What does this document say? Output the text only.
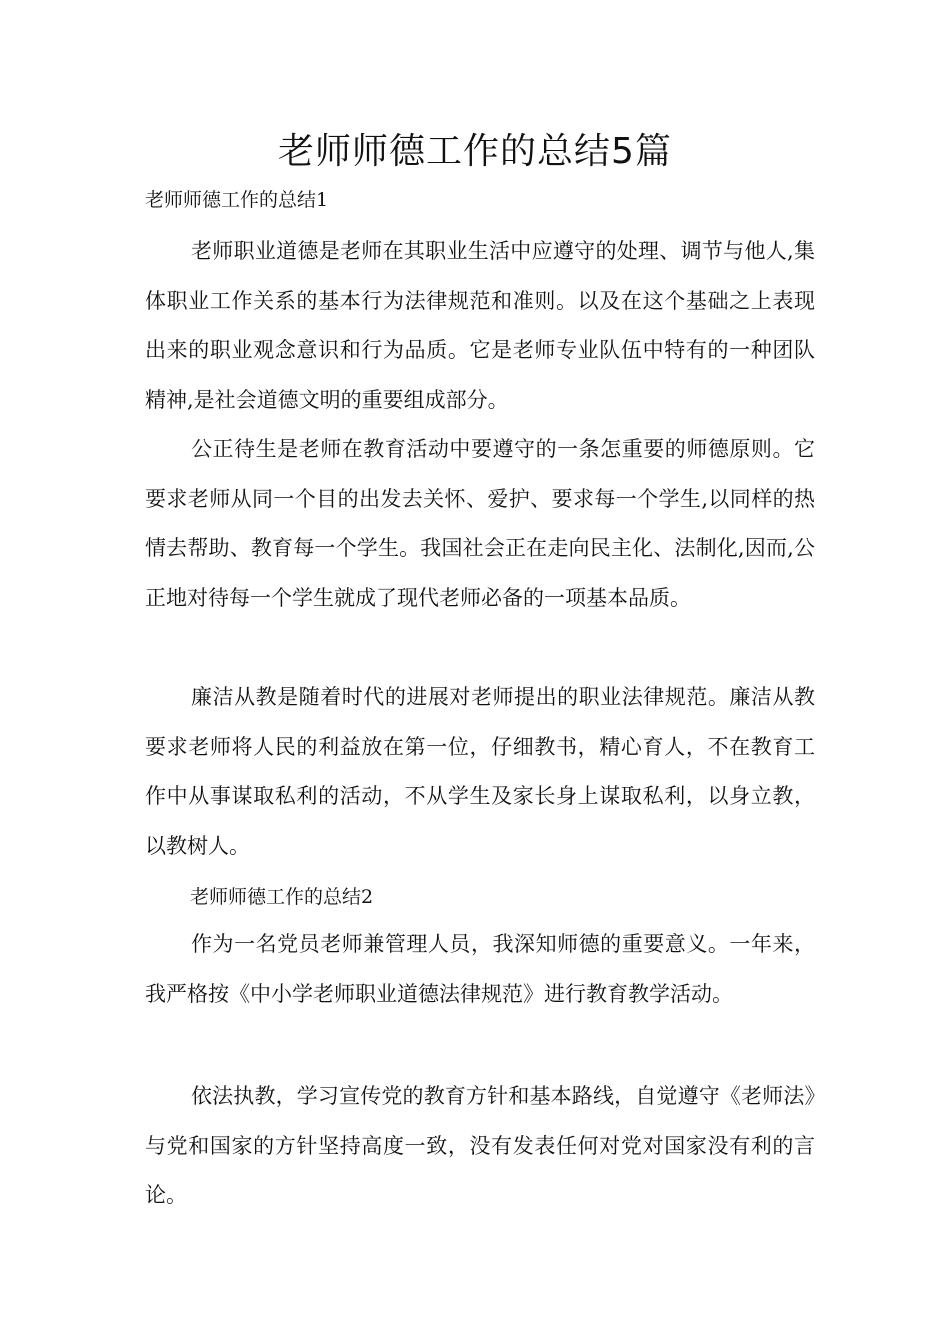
老师师德工作的总结5篇
老师师德工作的总结1

老师职业道德是老师在其职业生活中应遵守的处理、调节与他人,集体职业工作关系的基本行为法律规范和准则。以及在这个基础之上表现出来的职业观念意识和行为品质。它是老师专业队伍中特有的一种团队精神,是社会道德文明的重要组成部分。

公正待生是老师在教育活动中要遵守的一条怎重要的师德原则。它要求老师从同一个目的出发去关怀、爱护、要求每一个学生,以同样的热情去帮助、教育每一个学生。我国社会正在走向民主化、法制化,因而,公正地对待每一个学生就成了现代老师必备的一项基本品质。

廉洁从教是随着时代的进展对老师提出的职业法律规范。廉洁从教要求老师将人民的利益放在第一位，仔细教书，精心育人，不在教育工作中从事谋取私利的活动，不从学生及家长身上谋取私利，以身立教，以教树人。

老师师德工作的总结2

作为一名党员老师兼管理人员，我深知师德的重要意义。一年来，我严格按《中小学老师职业道德法律规范》进行教育教学活动。

依法执教，学习宣传党的教育方针和基本路线，自觉遵守《老师法》与党和国家的方针坚持高度一致，没有发表任何对党对国家没有利的言论。
